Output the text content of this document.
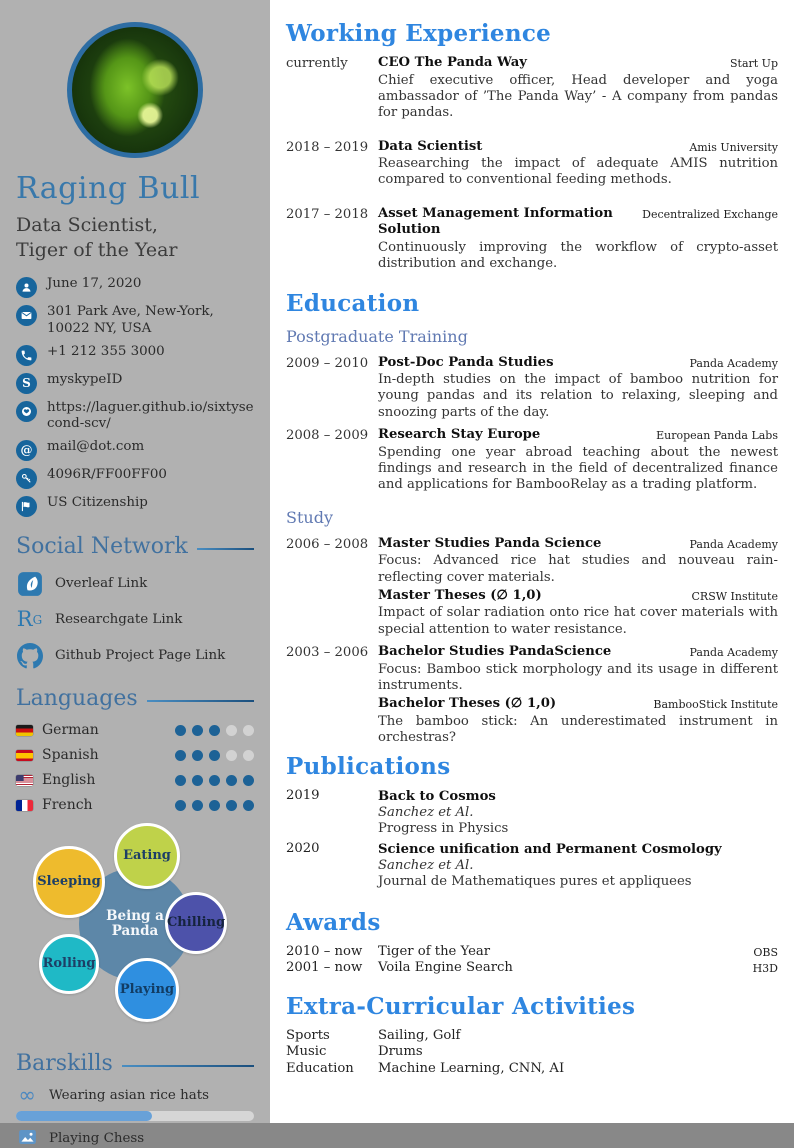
Raging Bull
Data Scientist,
Tiger of the Year
June 17, 2020
301 Park Ave, New-York, 10022 NY, USA
+1 212 355 3000
S	myskypeID
https://laguer.github.io/sixtysecond-scv/
@	mail@dot.com
4096R/FF00FF00
US Citizenship
Social Network
Overleaf Link
R G Researchgate Link
Github Project Page Link
Languages
German
Spanish
English
French
Being a Panda
Eating
Sleeping
Chilling
Rolling
Playing
Barskills
∞ Wearing asian rice hats
Playing Chess
Working Experience
currently	CEO The Panda Way	Start Up
Chief executive officer, Head developer and yoga ambassador of ’The Panda Way’ - A company from pandas for pandas.
2018 – 2019 Data Scientist	Amis University
Reasearching the impact of adequate AMIS nutrition compared to conventional feeding methods.
2017 – 2018 Asset Management Information Solution
Decentralized Exchange
Continuously improving the workflow of crypto-asset distribution and exchange.
Education
Postgraduate Training
2009 – 2010 Post-Doc Panda Studies	Panda Academy
In-depth studies on the impact of bamboo nutrition for young pandas and its relation to relaxing, sleeping and snoozing parts of the day.
2008 – 2009 Research Stay Europe	European Panda Labs
Spending one year abroad teaching about the newest findings and research in the field of decentralized finance and applications for BambooRelay as a trading platform.
Study
2006 – 2008 Master Studies Panda Science	Panda Academy
Focus: Advanced rice hat studies and nouveau rain-reflecting cover materials.
Master Theses (∅ 1,0)	CRSW Institute
Impact of solar radiation onto rice hat cover materials with special attention to water resistance.
2003 – 2006 Bachelor Studies PandaScience	Panda Academy
Focus: Bamboo stick morphology and its usage in different instruments.
Bachelor Theses (∅ 1,0)	BambooStick Institute
The bamboo stick: An underestimated instrument in orchestras?
Publications
2019	Back to Cosmos
Sanchez et Al.
Progress in Physics
2020	Science unification and Permanent Cosmology
Sanchez et Al.
Journal de Mathematiques pures et appliquees
Awards
2010 – now	Tiger of the Year	OBS
2001 – now	Voila Engine Search	H3D
Extra-Curricular Activities
Sports	Sailing, Golf
Music	Drums
Education	Machine Learning, CNN, AI
